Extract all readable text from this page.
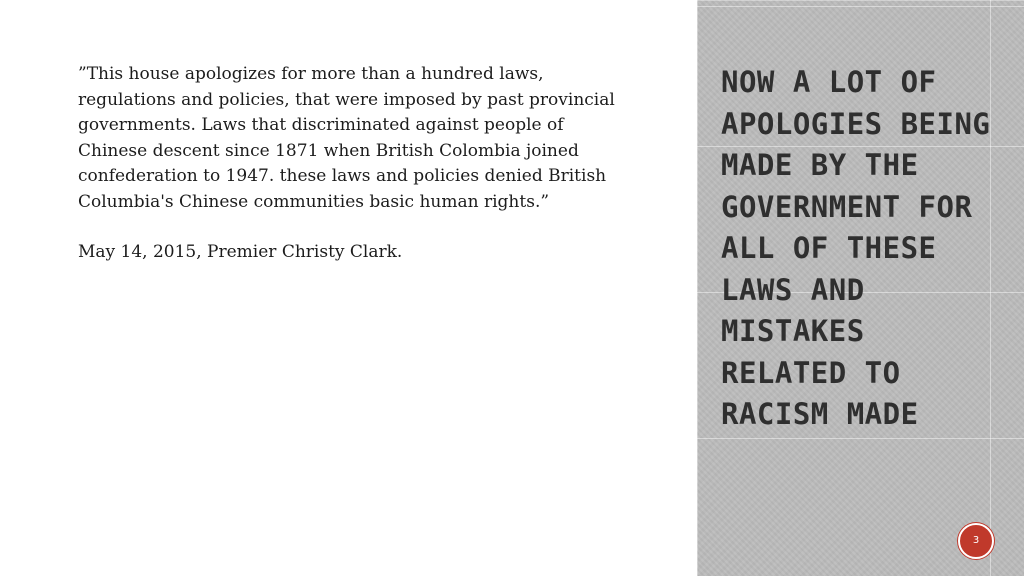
”This house apologizes for more than a hundred laws, regulations and policies, that were imposed by past provincial governments. Laws that discriminated against people of Chinese descent since 1871 when British Colombia joined confederation to 1947. these laws and policies denied British Columbia's Chinese communities basic human rights.”

May 14, 2015, Premier Christy Clark.

NOW A LOT OF APOLOGIES BEING MADE BY THE GOVERNMENT FOR ALL OF THESE LAWS AND MISTAKES RELATED TO RACISM MADE
3
